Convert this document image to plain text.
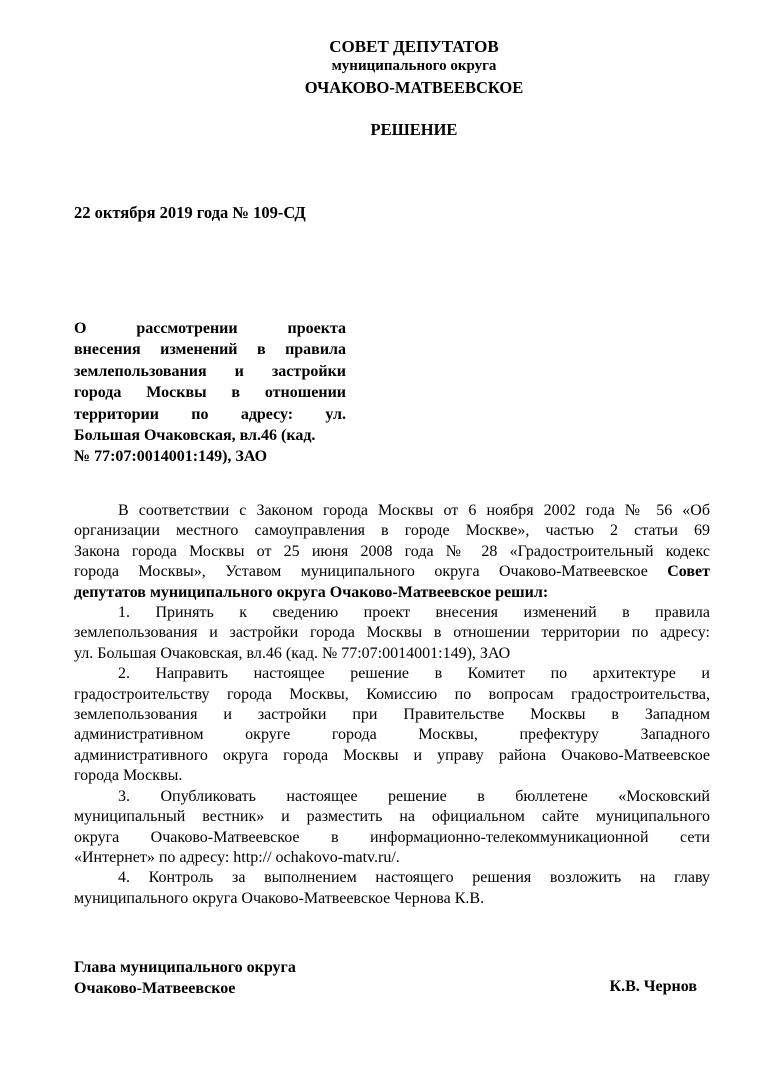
СОВЕТ ДЕПУТАТОВ
муниципального округа
ОЧАКОВО-МАТВЕЕВСКОЕ
РЕШЕНИЕ
22 октября 2019 года № 109-СД
О	рассмотрении	проекта
внесения изменений в правила
землепользования и застройки
города Москвы в отношении
территории по адресу: ул.
Большая Очаковская, вл.46 (кад.
№ 77:07:0014001:149), ЗАО
В соответствии с Законом города Москвы от 6 ноября 2002 года № 56 «Об
организации местного самоуправления в городе Москве», частью 2 статьи 69
Закона города Москвы от 25 июня 2008 года № 28 «Градостроительный кодекс
города Москвы», Уставом муниципального округа Очаково-Матвеевское Совет
депутатов муниципального округа Очаково-Матвеевское решил:
1. Принять к сведению проект внесения изменений в правила
землепользования и застройки города Москвы в отношении территории по адресу:
ул. Большая Очаковская, вл.46 (кад. № 77:07:0014001:149), ЗАО
2. Направить настоящее решение в Комитет по архитектуре и
градостроительству города Москвы, Комиссию по вопросам градостроительства,
землепользования и застройки при Правительстве Москвы в Западном
административном округе города Москвы, префектуру Западного
административного округа города Москвы и управу района Очаково-Матвеевское
города Москвы.
3. Опубликовать настоящее решение в бюллетене «Московский
муниципальный вестник» и разместить на официальном сайте муниципального
округа Очаково-Матвеевское в информационно-телекоммуникационной сети
«Интернет» по адресу: http:// ochakovo-matv.ru/.
4. Контроль за выполнением настоящего решения возложить на главу
муниципального округа Очаково-Матвеевское Чернова К.В.
Глава муниципального округа
Очаково-Матвеевское	К.В. Чернов
